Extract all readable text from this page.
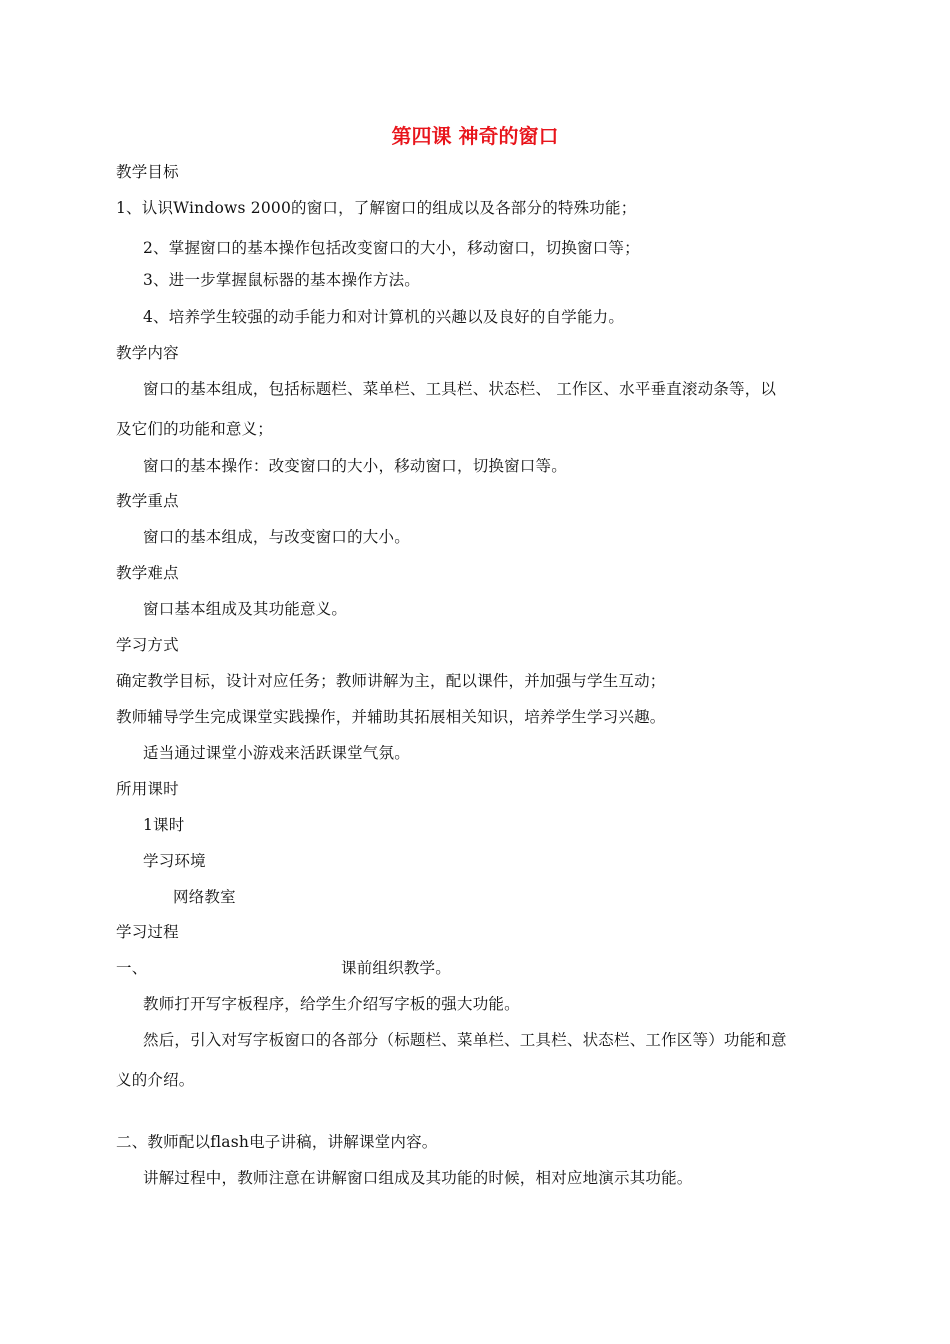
第四课 神奇的窗口
教学目标
1、认识Windows 2000的窗口，了解窗口的组成以及各部分的特殊功能；
2、掌握窗口的基本操作包括改变窗口的大小，移动窗口，切换窗口等；
3、进一步掌握鼠标器的基本操作方法。
4、培养学生较强的动手能力和对计算机的兴趣以及良好的自学能力。
教学内容
窗口的基本组成，包括标题栏、菜单栏、工具栏、状态栏、 工作区、水平垂直滚动条等，以
及它们的功能和意义；
窗口的基本操作：改变窗口的大小，移动窗口，切换窗口等。
教学重点
窗口的基本组成，与改变窗口的大小。
教学难点
窗口基本组成及其功能意义。
学习方式
确定教学目标，设计对应任务；教师讲解为主，配以课件，并加强与学生互动；
教师辅导学生完成课堂实践操作，并辅助其拓展相关知识，培养学生学习兴趣。
适当通过课堂小游戏来活跃课堂气氛。
所用课时
1课时
学习环境
网络教室
学习过程
一、	课前组织教学。
教师打开写字板程序，给学生介绍写字板的强大功能。
然后，引入对写字板窗口的各部分（标题栏、菜单栏、工具栏、状态栏、工作区等）功能和意
义的介绍。
二、教师配以flash电子讲稿，讲解课堂内容。
讲解过程中，教师注意在讲解窗口组成及其功能的时候，相对应地演示其功能。
